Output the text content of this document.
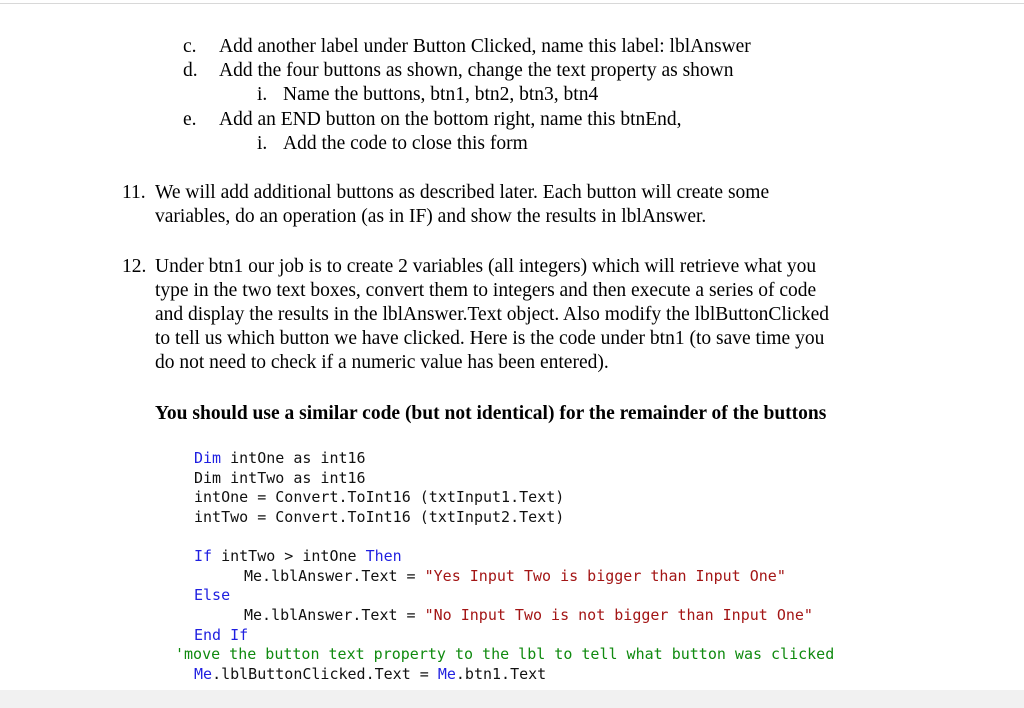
c. Add another label under Button Clicked, name this label: lblAnswer
d. Add the four buttons as shown, change the text property as shown
i. Name the buttons, btn1, btn2, btn3, btn4
e. Add an END button on the bottom right, name this btnEnd,
i. Add the code to close this form
11. We will add additional buttons as described later. Each button will create some
variables, do an operation (as in IF) and show the results in lblAnswer.
12. Under btn1 our job is to create 2 variables (all integers) which will retrieve what you
type in the two text boxes, convert them to integers and then execute a series of code
and display the results in the lblAnswer.Text object. Also modify the lblButtonClicked
to tell us which button we have clicked. Here is the code under btn1 (to save time you
do not need to check if a numeric value has been entered).
You should use a similar code (but not identical) for the remainder of the buttons
Dim intOne as int16
Dim intTwo as int16
intOne = Convert.ToInt16 (txtInput1.Text)
intTwo = Convert.ToInt16 (txtInput2.Text)
If intTwo > intOne Then
Me.lblAnswer.Text = "Yes Input Two is bigger than Input One"
Else
Me.lblAnswer.Text = "No Input Two is not bigger than Input One"
End If
'move the button text property to the lbl to tell what button was clicked
Me.lblButtonClicked.Text = Me.btn1.Text
